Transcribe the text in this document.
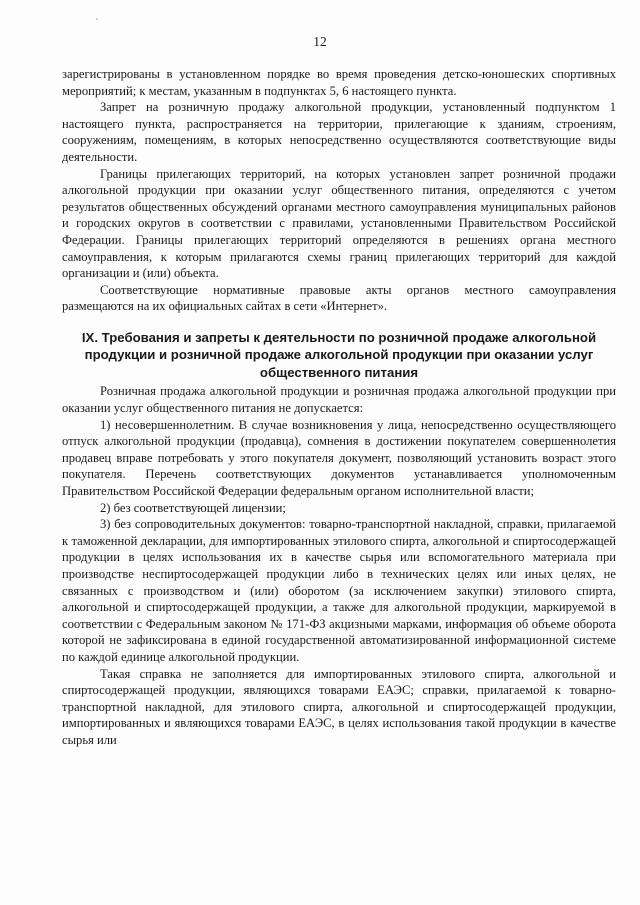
12

зарегистрированы в установленном порядке во время проведения детско-юношеских спортивных мероприятий; к местам, указанным в подпунктах 5, 6 настоящего пункта.

Запрет на розничную продажу алкогольной продукции, установленный подпунктом 1 настоящего пункта, распространяется на территории, прилегающие к зданиям, строениям, сооружениям, помещениям, в которых непосредственно осуществляются соответствующие виды деятельности.

Границы прилегающих территорий, на которых установлен запрет розничной продажи алкогольной продукции при оказании услуг общественного питания, определяются с учетом результатов общественных обсуждений органами местного самоуправления муниципальных районов и городских округов в соответствии с правилами, установленными Правительством Российской Федерации. Границы прилегающих территорий определяются в решениях органа местного самоуправления, к которым прилагаются схемы границ прилегающих территорий для каждой организации и (или) объекта.

Соответствующие нормативные правовые акты органов местного самоуправления размещаются на их официальных сайтах в сети «Интернет».

IX. Требования и запреты к деятельности по розничной продаже алкогольной продукции и розничной продаже алкогольной продукции при оказании услуг общественного питания

Розничная продажа алкогольной продукции и розничная продажа алкогольной продукции при оказании услуг общественного питания не допускается:

1) несовершеннолетним. В случае возникновения у лица, непосредственно осуществляющего отпуск алкогольной продукции (продавца), сомнения в достижении покупателем совершеннолетия продавец вправе потребовать у этого покупателя документ, позволяющий установить возраст этого покупателя. Перечень соответствующих документов устанавливается уполномоченным Правительством Российской Федерации федеральным органом исполнительной власти;

2) без соответствующей лицензии;

3) без сопроводительных документов: товарно-транспортной накладной, справки, прилагаемой к таможенной декларации, для импортированных этилового спирта, алкогольной и спиртосодержащей продукции в целях использования их в качестве сырья или вспомогательного материала при производстве неспиртосодержащей продукции либо в технических целях или иных целях, не связанных с производством и (или) оборотом (за исключением закупки) этилового спирта, алкогольной и спиртосодержащей продукции, а также для алкогольной продукции, маркируемой в соответствии с Федеральным законом № 171-ФЗ акцизными марками, информация об объеме оборота которой не зафиксирована в единой государственной автоматизированной информационной системе по каждой единице алкогольной продукции.

Такая справка не заполняется для импортированных этилового спирта, алкогольной и спиртосодержащей продукции, являющихся товарами ЕАЭС; справки, прилагаемой к товарно-транспортной накладной, для этилового спирта, алкогольной и спиртосодержащей продукции, импортированных и являющихся товарами ЕАЭС, в целях использования такой продукции в качестве сырья или
